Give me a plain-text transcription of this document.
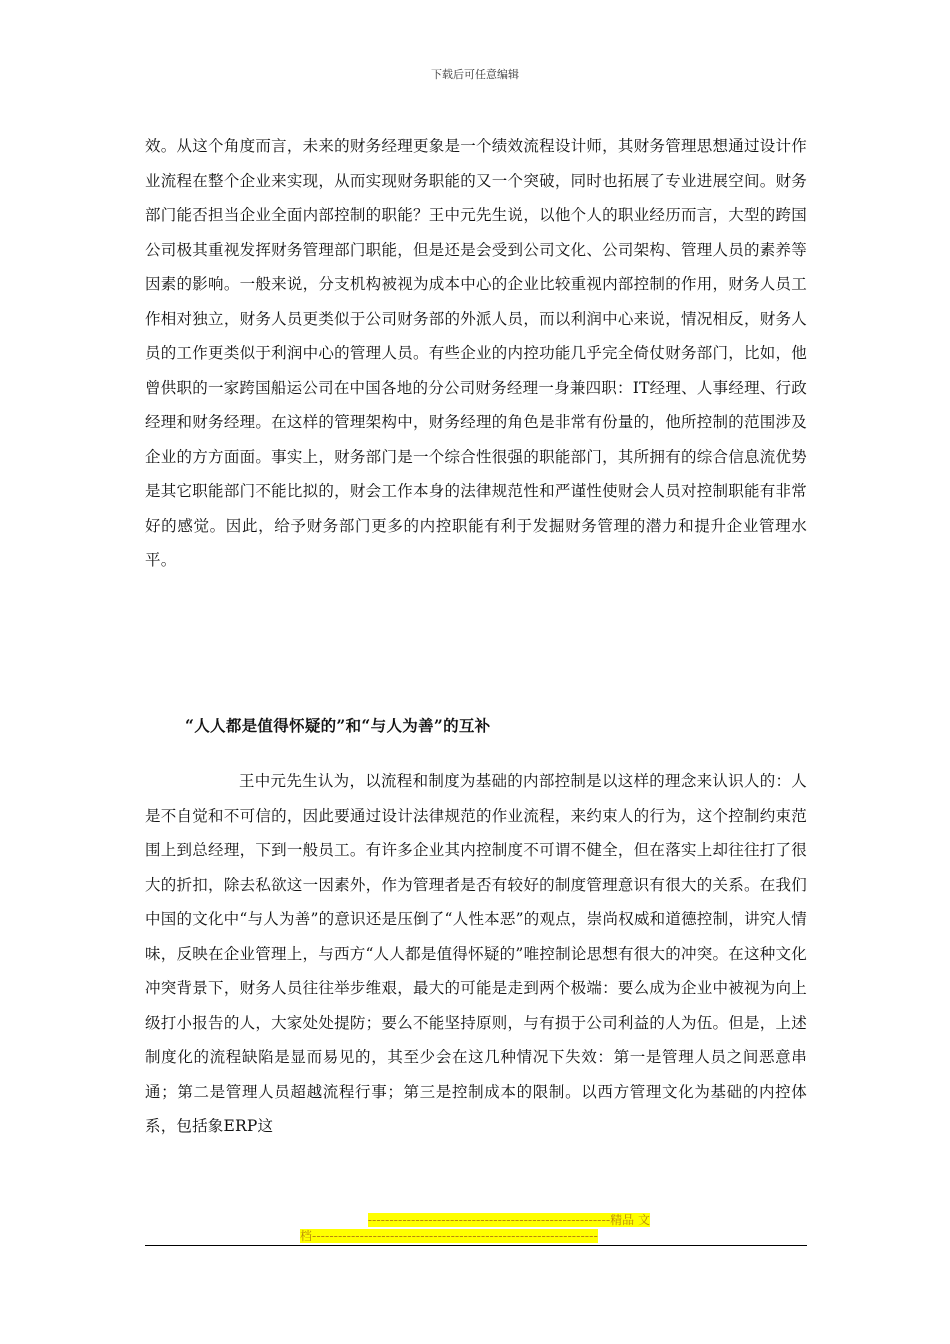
下载后可任意编辑
效。从这个角度而言，未来的财务经理更象是一个绩效流程设计师，其财务管理思想通过设计作业流程在整个企业来实现，从而实现财务职能的又一个突破，同时也拓展了专业进展空间。财务部门能否担当企业全面内部控制的职能？王中元先生说，以他个人的职业经历而言，大型的跨国公司极其重视发挥财务管理部门职能，但是还是会受到公司文化、公司架构、管理人员的素养等因素的影响。一般来说，分支机构被视为成本中心的企业比较重视内部控制的作用，财务人员工作相对独立，财务人员更类似于公司财务部的外派人员，而以利润中心来说，情况相反，财务人员的工作更类似于利润中心的管理人员。有些企业的内控功能几乎完全倚仗财务部门，比如，他曾供职的一家跨国船运公司在中国各地的分公司财务经理一身兼四职：IT经理、人事经理、行政经理和财务经理。在这样的管理架构中，财务经理的角色是非常有份量的，他所控制的范围涉及企业的方方面面。事实上，财务部门是一个综合性很强的职能部门，其所拥有的综合信息流优势是其它职能部门不能比拟的，财会工作本身的法律规范性和严谨性使财会人员对控制职能有非常好的感觉。因此，给予财务部门更多的内控职能有利于发掘财务管理的潜力和提升企业管理水平。
“人人都是值得怀疑的”和“与人为善”的互补
王中元先生认为，以流程和制度为基础的内部控制是以这样的理念来认识人的：人是不自觉和不可信的，因此要通过设计法律规范的作业流程，来约束人的行为，这个控制约束范围上到总经理，下到一般员工。有许多企业其内控制度不可谓不健全，但在落实上却往往打了很大的折扣，除去私欲这一因素外，作为管理者是否有较好的制度管理意识有很大的关系。在我们中国的文化中“与人为善”的意识还是压倒了“人性本恶”的观点，崇尚权威和道德控制，讲究人情味，反映在企业管理上，与西方“人人都是值得怀疑的”唯控制论思想有很大的冲突。在这种文化冲突背景下，财务人员往往举步维艰，最大的可能是走到两个极端：要么成为企业中被视为向上级打小报告的人，大家处处提防；要么不能坚持原则，与有损于公司利益的人为伍。但是，上述制度化的流程缺陷是显而易见的，其至少会在这几种情况下失效：第一是管理人员之间恶意串通；第二是管理人员超越流程行事；第三是控制成本的限制。以西方管理文化为基础的内控体系，包括象ERP这
--------------------------------------------------------精品 文
档------------------------------------------------------------------
